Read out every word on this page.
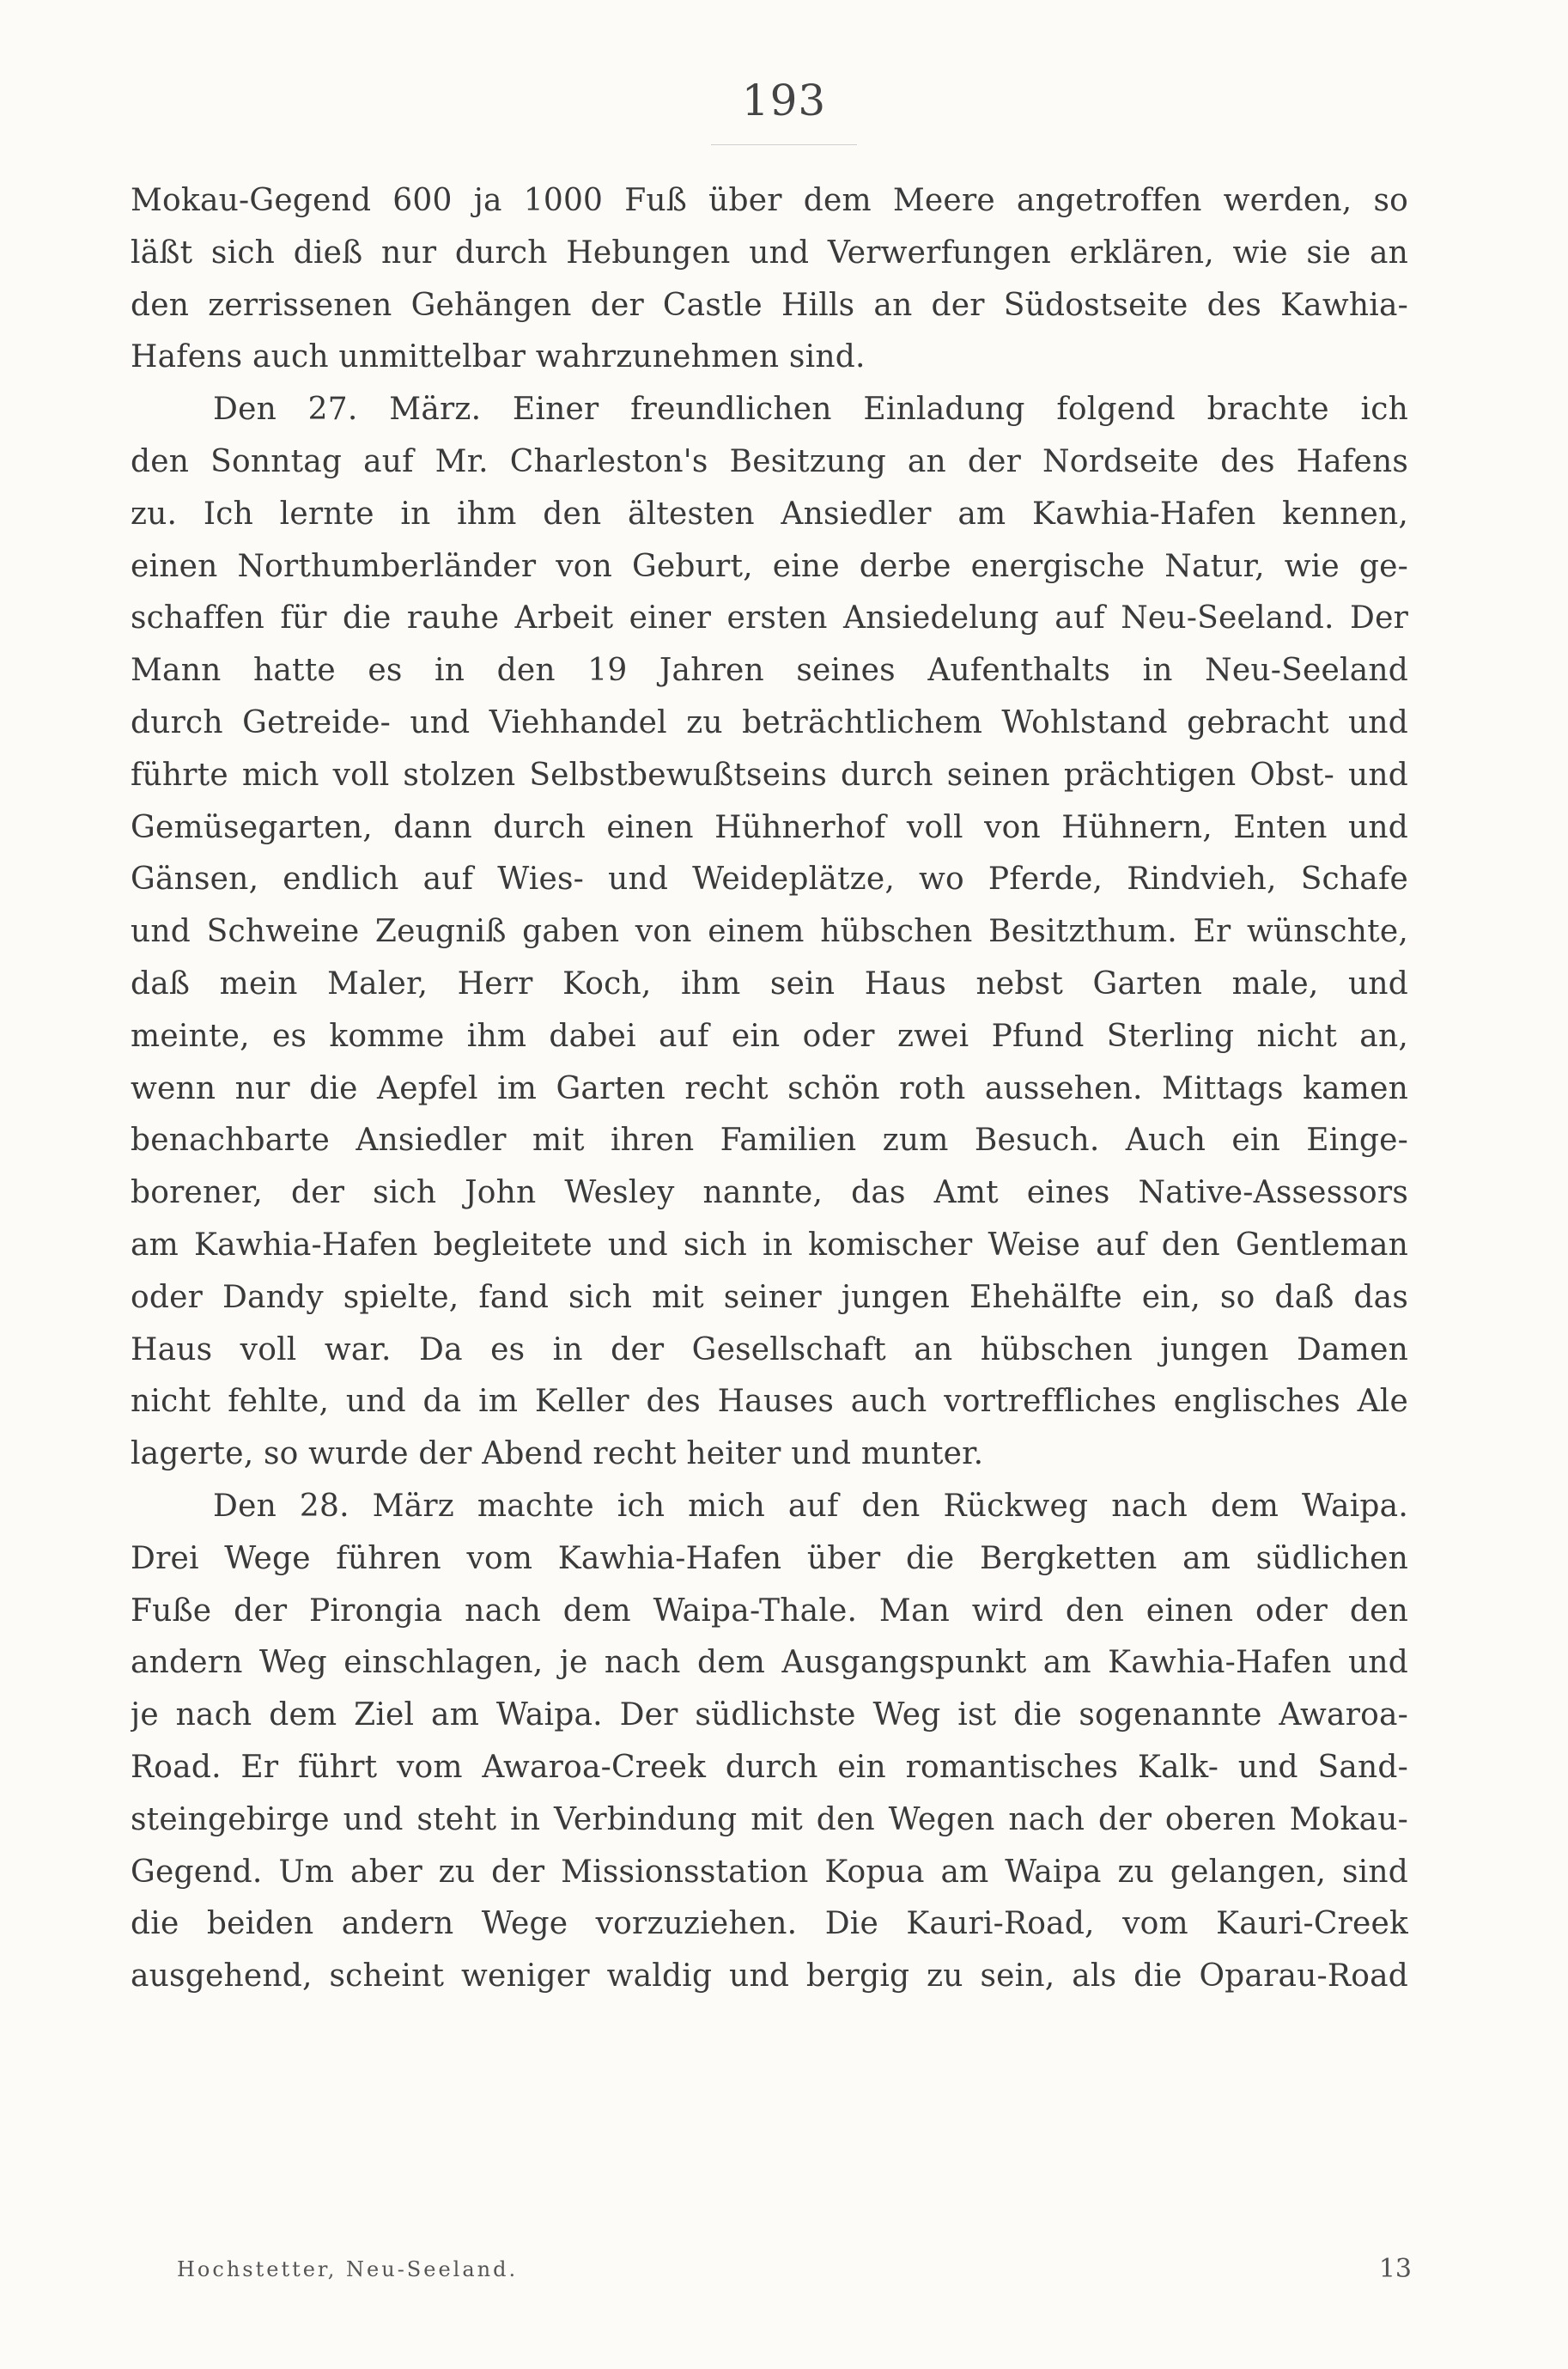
193
Mokau-Gegend 600 ja 1000 Fuß über dem Meere angetroffen werden, so
läßt sich dieß nur durch Hebungen und Verwerfungen erklären, wie sie an
den zerrissenen Gehängen der Castle Hills an der Südostseite des Kawhia-
Hafens auch unmittelbar wahrzunehmen sind.
Den 27. März. Einer freundlichen Einladung folgend brachte ich
den Sonntag auf Mr. Charleston's Besitzung an der Nordseite des Hafens
zu. Ich lernte in ihm den ältesten Ansiedler am Kawhia-Hafen kennen,
einen Northumberländer von Geburt, eine derbe energische Natur, wie ge-
schaffen für die rauhe Arbeit einer ersten Ansiedelung auf Neu-Seeland. Der
Mann hatte es in den 19 Jahren seines Aufenthalts in Neu-Seeland
durch Getreide- und Viehhandel zu beträchtlichem Wohlstand gebracht und
führte mich voll stolzen Selbstbewußtseins durch seinen prächtigen Obst- und
Gemüsegarten, dann durch einen Hühnerhof voll von Hühnern, Enten und
Gänsen, endlich auf Wies- und Weideplätze, wo Pferde, Rindvieh, Schafe
und Schweine Zeugniß gaben von einem hübschen Besitzthum. Er wünschte,
daß mein Maler, Herr Koch, ihm sein Haus nebst Garten male, und
meinte, es komme ihm dabei auf ein oder zwei Pfund Sterling nicht an,
wenn nur die Aepfel im Garten recht schön roth aussehen. Mittags kamen
benachbarte Ansiedler mit ihren Familien zum Besuch. Auch ein Einge-
borener, der sich John Wesley nannte, das Amt eines Native-Assessors
am Kawhia-Hafen begleitete und sich in komischer Weise auf den Gentleman
oder Dandy spielte, fand sich mit seiner jungen Ehehälfte ein, so daß das
Haus voll war. Da es in der Gesellschaft an hübschen jungen Damen
nicht fehlte, und da im Keller des Hauses auch vortreffliches englisches Ale
lagerte, so wurde der Abend recht heiter und munter.
Den 28. März machte ich mich auf den Rückweg nach dem Waipa.
Drei Wege führen vom Kawhia-Hafen über die Bergketten am südlichen
Fuße der Pirongia nach dem Waipa-Thale. Man wird den einen oder den
andern Weg einschlagen, je nach dem Ausgangspunkt am Kawhia-Hafen und
je nach dem Ziel am Waipa. Der südlichste Weg ist die sogenannte Awaroa-
Road. Er führt vom Awaroa-Creek durch ein romantisches Kalk- und Sand-
steingebirge und steht in Verbindung mit den Wegen nach der oberen Mokau-
Gegend. Um aber zu der Missionsstation Kopua am Waipa zu gelangen, sind
die beiden andern Wege vorzuziehen. Die Kauri-Road, vom Kauri-Creek
ausgehend, scheint weniger waldig und bergig zu sein, als die Oparau-Road
Hochstetter, Neu-Seeland.	13
